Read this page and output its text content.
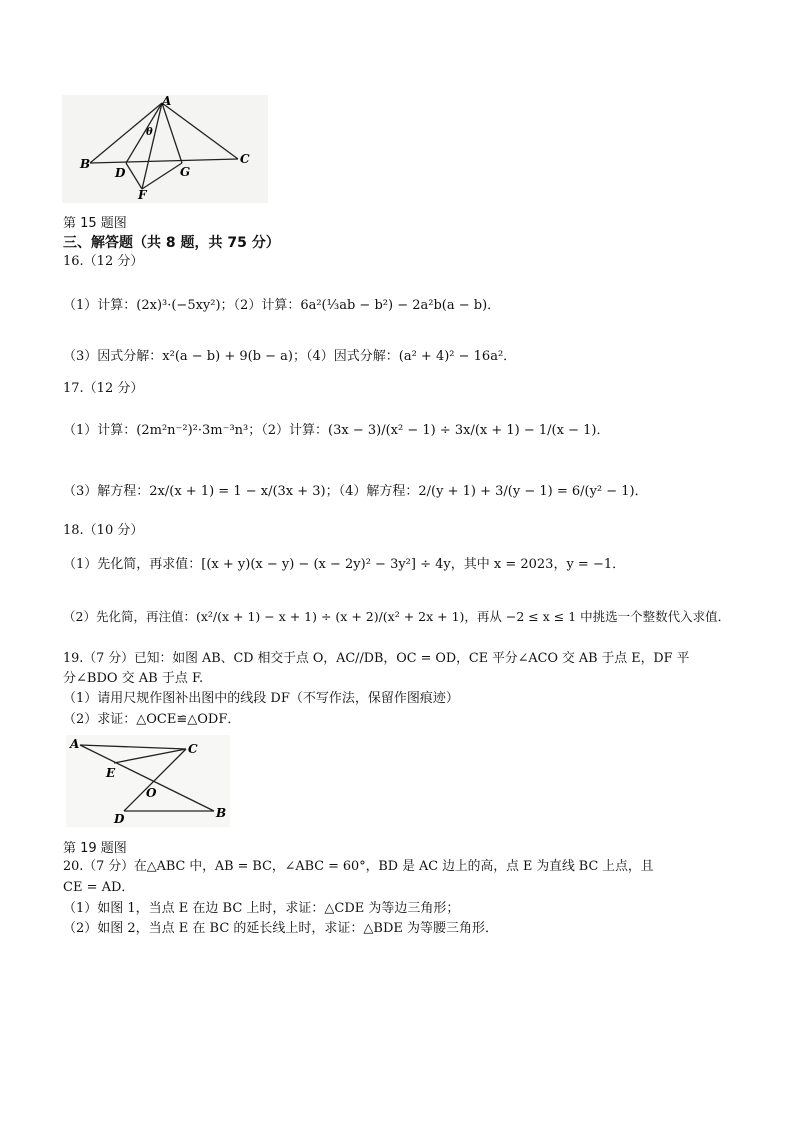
A
B	C
D	G
F
θ
第 15 题图
三、解答题（共 8 题，共 75 分）
16.（12 分）
（1）计算：(2x)³·(−5xy²)；（2）计算：6a²(⅓ab − b²) − 2a²b(a − b)．
（3）因式分解：x²(a − b) + 9(b − a)；（4）因式分解：(a² + 4)² − 16a²．
17.（12 分）
（1）计算：(2m²n⁻²)²·3m⁻³n³；（2）计算：(3x − 3)/(x² − 1) ÷ 3x/(x + 1) − 1/(x − 1)．
（3）解方程：2x/(x + 1) = 1 − x/(3x + 3)；（4）解方程：2/(y + 1) + 3/(y − 1) = 6/(y² − 1)．
18.（10 分）
（1）先化简，再求值：[(x + y)(x − y) − (x − 2y)² − 3y²] ÷ 4y，其中 x = 2023，y = −1．
（2）先化简，再注值：(x²/(x + 1) − x + 1) ÷ (x + 2)/(x² + 2x + 1)，再从 −2 ≤ x ≤ 1 中挑选一个整数代入求值．
19.（7 分）已知：如图 AB、CD 相交于点 O，AC//DB，OC = OD，CE 平分∠ACO 交 AB 于点 E，DF 平
分∠BDO 交 AB 于点 F.
（1）请用尺规作图补出图中的线段 DF（不写作法，保留作图痕迹）
（2）求证：△OCE≌△ODF．
A	C
E
O
D	B
第 19 题图
20.（7 分）在△ABC 中，AB = BC，∠ABC = 60°，BD 是 AC 边上的高，点 E 为直线 BC 上点，且
CE = AD．
（1）如图 1，当点 E 在边 BC 上时，求证：△CDE 为等边三角形；
（2）如图 2，当点 E 在 BC 的延长线上时，求证：△BDE 为等腰三角形．
